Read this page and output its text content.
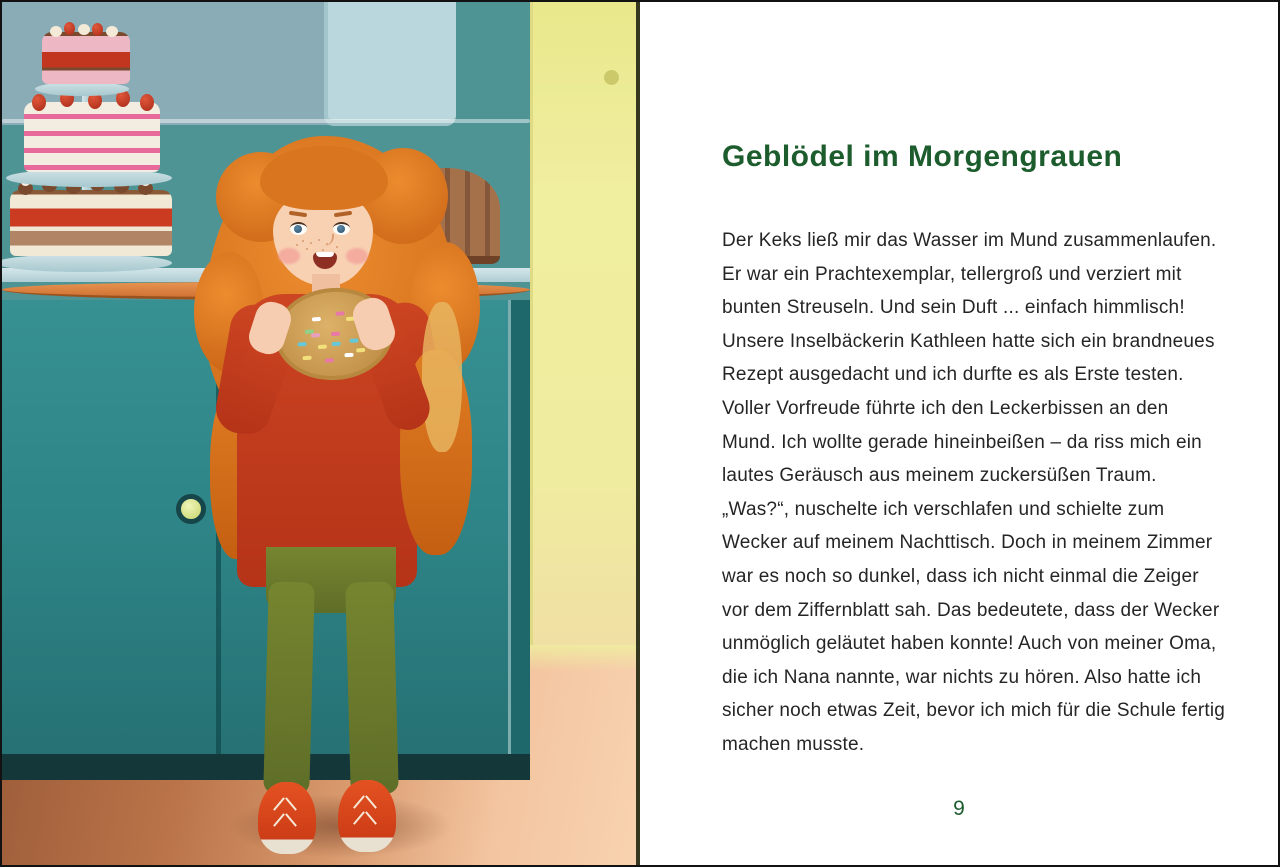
Geblödel im Morgengrauen
Der Keks ließ mir das Wasser im Mund zusammenlaufen.
Er war ein Prachtexemplar, tellergroß und verziert mit
bunten Streuseln. Und sein Duft ... einfach himmlisch!
Unsere Inselbäckerin Kathleen hatte sich ein brandneues
Rezept ausgedacht und ich durfte es als Erste testen.
Voller Vorfreude führte ich den Leckerbissen an den
Mund. Ich wollte gerade hineinbeißen – da riss mich ein
lautes Geräusch aus meinem zuckersüßen Traum.
„Was?“, nuschelte ich verschlafen und schielte zum
Wecker auf meinem Nachttisch. Doch in meinem Zimmer
war es noch so dunkel, dass ich nicht einmal die Zeiger
vor dem Ziffernblatt sah. Das bedeutete, dass der Wecker
unmöglich geläutet haben konnte! Auch von meiner Oma,
die ich Nana nannte, war nichts zu hören. Also hatte ich
sicher noch etwas Zeit, bevor ich mich für die Schule fertig
machen musste.
9
